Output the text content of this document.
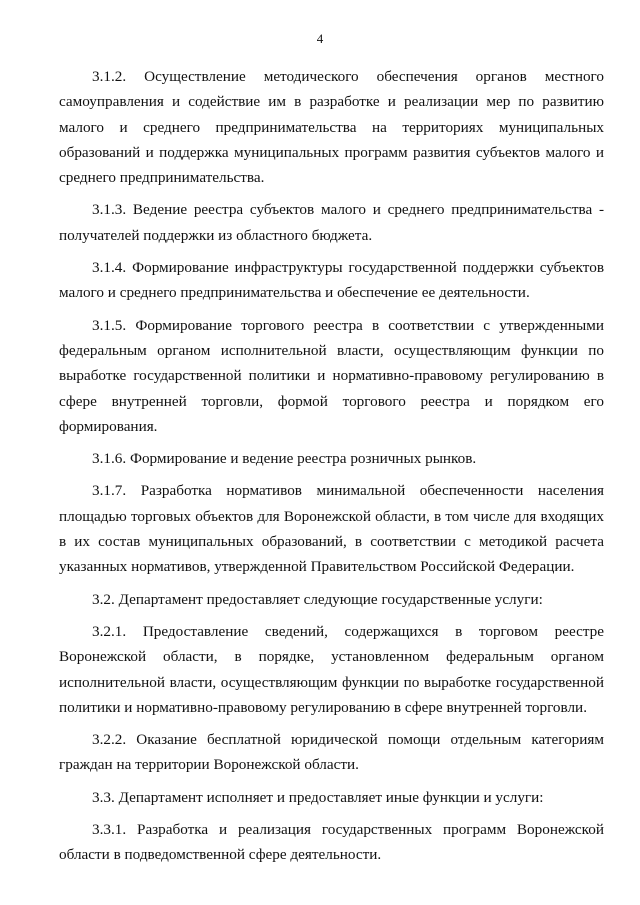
4

3.1.2. Осуществление методического обеспечения органов местного самоуправления и содействие им в разработке и реализации мер по развитию малого и среднего предпринимательства на территориях муниципальных образований и поддержка муниципальных программ развития субъектов малого и среднего предпринимательства.

3.1.3. Ведение реестра субъектов малого и среднего предпринимательства - получателей поддержки из областного бюджета.

3.1.4. Формирование инфраструктуры государственной поддержки субъектов малого и среднего предпринимательства и обеспечение ее деятельности.

3.1.5. Формирование торгового реестра в соответствии с утвержденными федеральным органом исполнительной власти, осуществляющим функции по выработке государственной политики и нормативно-правовому регулированию в сфере внутренней торговли, формой торгового реестра и порядком его формирования.

3.1.6. Формирование и ведение реестра розничных рынков.

3.1.7. Разработка нормативов минимальной обеспеченности населения площадью торговых объектов для Воронежской области, в том числе для входящих в их состав муниципальных образований, в соответствии с методикой расчета указанных нормативов, утвержденной Правительством Российской Федерации.

3.2. Департамент предоставляет следующие государственные услуги:

3.2.1. Предоставление сведений, содержащихся в торговом реестре Воронежской области, в порядке, установленном федеральным органом исполнительной власти, осуществляющим функции по выработке государственной политики и нормативно-правовому регулированию в сфере внутренней торговли.

3.2.2. Оказание бесплатной юридической помощи отдельным категориям граждан на территории Воронежской области.

3.3. Департамент исполняет и предоставляет иные функции и услуги:

3.3.1. Разработка и реализация государственных программ Воронежской области в подведомственной сфере деятельности.
